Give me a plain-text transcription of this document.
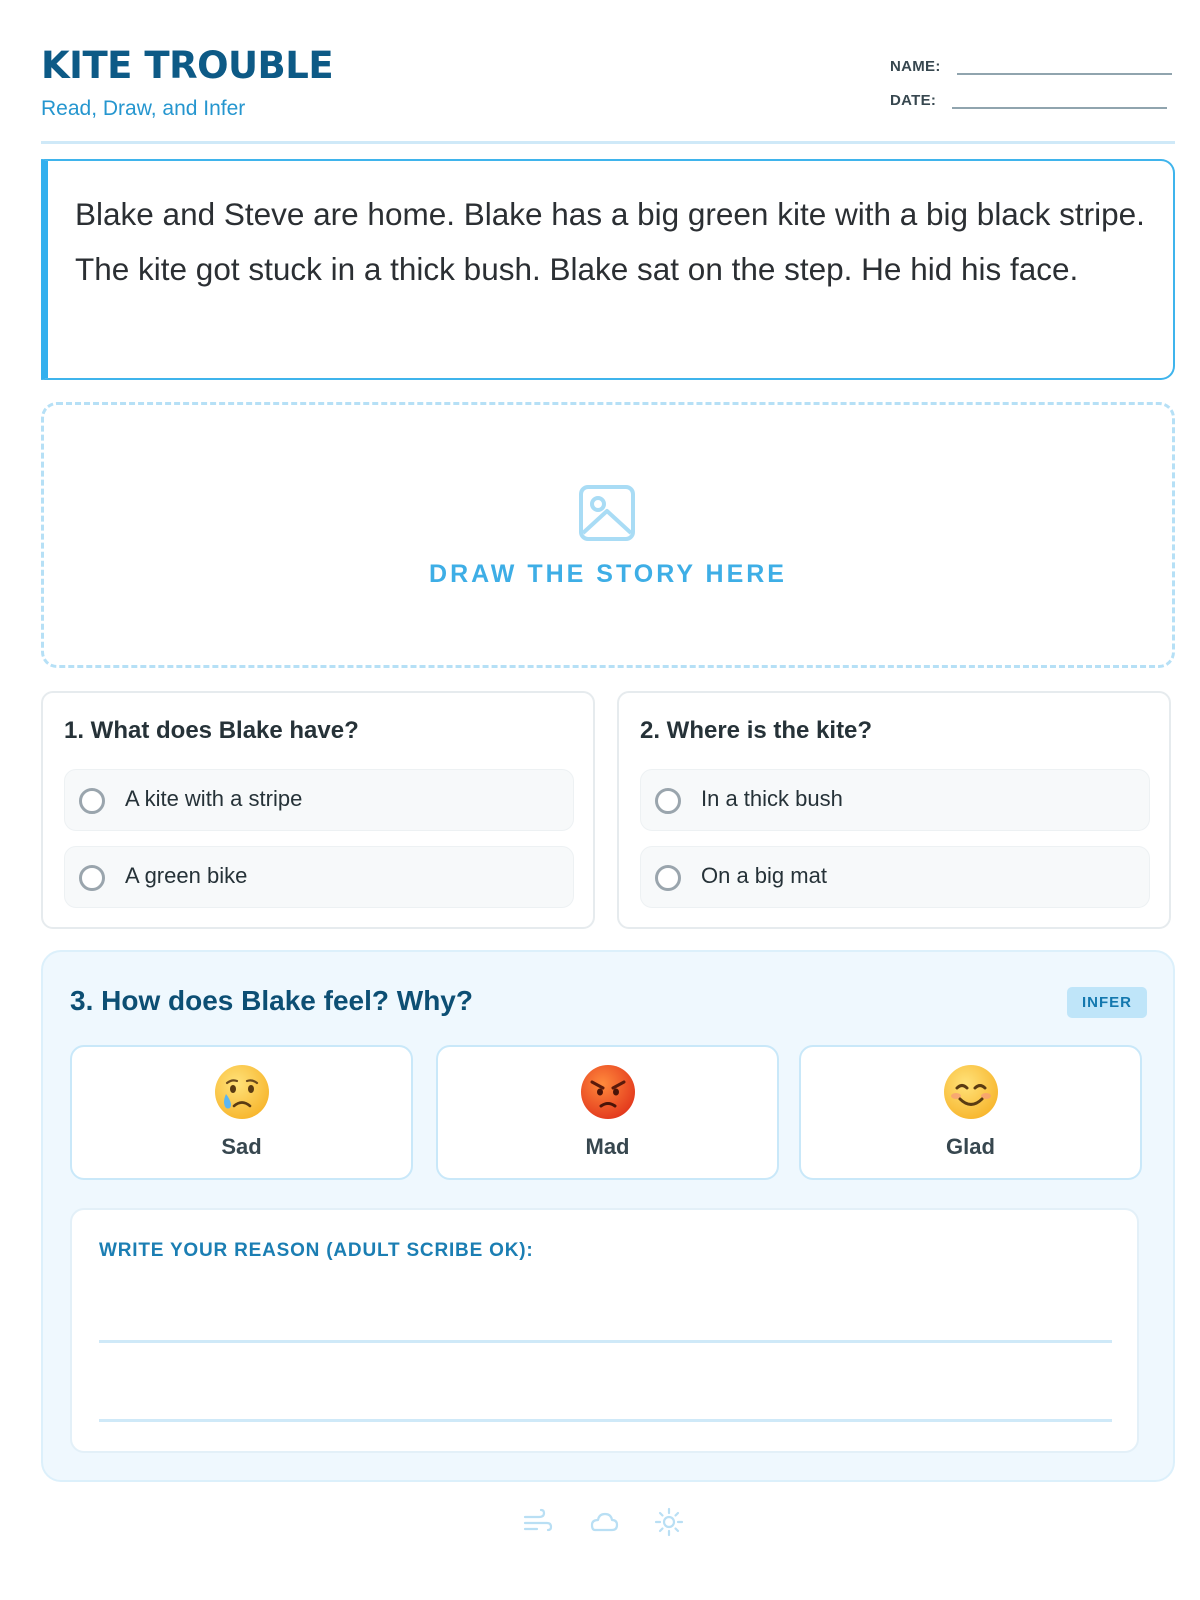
KITE TROUBLE
Read, Draw, and Infer
NAME:
DATE:

Blake and Steve are home. Blake has a big green kite with a big black stripe. The kite got stuck in a thick bush. Blake sat on the step. He hid his face.

DRAW THE STORY HERE
1. What does Blake have?
A kite with a stripe
A green bike
2. Where is the kite?
In a thick bush
On a big mat
3. How does Blake feel? Why?	INFER
Sad	Mad	Glad
WRITE YOUR REASON (ADULT SCRIBE OK):
